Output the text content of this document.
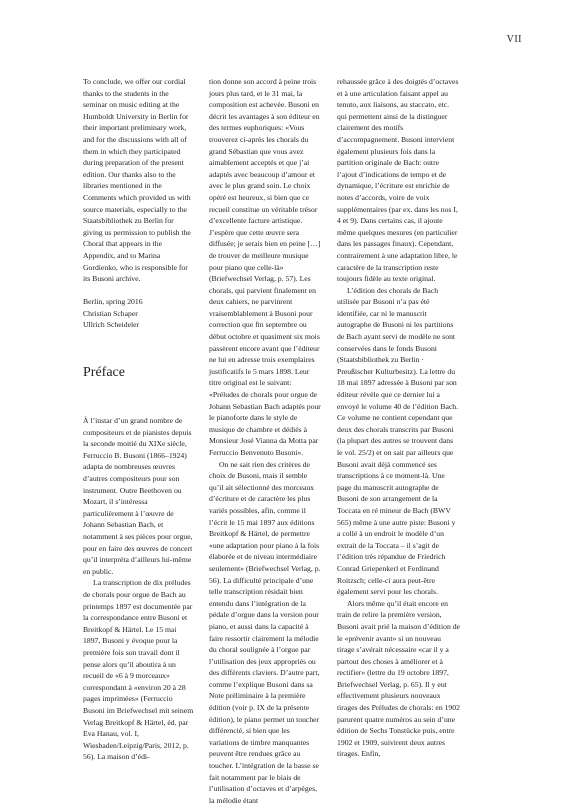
VII

To conclude, we offer our cordial thanks to the students in the seminar on music editing at the Humboldt University in Berlin for their important preliminary work, and for the discussions with all of them in which they participated during preparation of the present edition. Our thanks also to the libraries mentioned in the Comments which provided us with source materials, especially to the Staatsbibliothek zu Berlin for giving us permission to publish the Choral that appears in the Appendix, and to Marina Gordienko, who is responsible for its Busoni archive.

Berlin, spring 2016

Christian Schaper

Ullrich Scheideler

Préface

À l’instar d’un grand nombre de compositeurs et de pianistes depuis la seconde moitié du XIXe siècle, Ferruccio B. Busoni (1866–1924) adapta de nombreuses œuvres d’autres compositeurs pour son instrument. Outre Beethoven ou Mozart, il s’intéressa particulièrement à l’œuvre de Johann Sebastian Bach, et notamment à ses pièces pour orgue, pour en faire des œuvres de concert qu’il interpréta d’ailleurs lui-même en public.

La transcription de dix préludes de chorals pour orgue de Bach au printemps 1897 est documentée par la correspondance entre Busoni et Breitkopf & Härtel. Le 15 mai 1897, Busoni y évoque pour la première fois son travail dont il pense alors qu’il aboutira à un recueil de «6 à 9 morceaux» correspondant à «environ 20 à 28 pages imprimées» (Ferruccio Busoni im Briefwechsel mit seinem Verlag Breitkopf & Härtel, éd. par Eva Hanau, vol. I, Wiesbaden/Leipzig/Paris, 2012, p. 56). La maison d’édi-

tion donne son accord à peine trois jours plus tard, et le 31 mai, la composition est achevée. Busoni en décrit les avantages à son éditeur en des termes euphoriques: «Vous trouverez ci-après les chorals du grand Sébastian que vous avez aimablement acceptés et que j’ai adaptés avec beaucoup d’amour et avec le plus grand soin. Le choix opéré est heureux, si bien que ce recueil constitue un véritable trésor d’excellente facture artistique. J’espère que cette œuvre sera diffusée; je serais bien en peine […] de trouver de meilleure musique pour piano que celle-là» (Briefwechsel Verlag, p. 57). Les chorals, qui parvient finalement en deux cahiers, ne parvinrent vraisemblablement à Busoni pour correction que fin septembre ou début octobre et quasiment six mois passèrent encore avant que l’éditeur ne lui en adresse trois exemplaires justificatifs le 5 mars 1898. Leur titre original est le suivant: «Préludes de chorals pour orgue de Johann Sebastian Bach adaptés pour le pianoforte dans le style de musique de chambre et dédiés à Monsieur José Vianna da Motta par Ferruccio Benvenuto Busoni».

On ne sait rien des critères de choix de Busoni, mais il semble qu’il ait sélectionné des morceaux d’écriture et de caractère les plus variés possibles, afin, comme il l’écrit le 15 mai 1897 aux éditions Breitkopf & Härtel, de permettre «une adaptation pour piano à la fois élaborée et de niveau intermédiaire seulement» (Briefwechsel Verlag, p. 56). La difficulté principale d’une telle transcription résidait bien entendu dans l’intégration de la pédale d’orgue dans la version pour piano, et aussi dans la capacité à faire ressortir clairement la mélodie du choral soulignée à l’orgue par l’utilisation des jeux appropriés ou des différents claviers. D’autre part, comme l’explique Busoni dans sa Note préliminaire à la première édition (voir p. IX de la présente édition), le piano permet un toucher différencié, si bien que les variations de timbre manquantes peuvent être rendues grâce au toucher. L’intégration de la basse se fait notamment par le biais de l’utilisation d’octaves et d’arpèges, la mélodie étant

rehaussée grâce à des doigtés d’octaves et à une articulation faisant appel au tenuto, aux liaisons, au staccato, etc. qui permettent ainsi de la distinguer clairement des motifs d’accompagnement. Busoni intervient également plusieurs fois dans la partition originale de Bach: outre l’ajout d’indications de tempo et de dynamique, l’écriture est enrichie de notes d’accords, voire de voix supplémentaires (par ex. dans les nos I, 4 et 9). Dans certains cas, il ajoute même quelques mesures (en particulier dans les passages finaux). Cependant, contrairement à une adaptation libre, le caractère de la transcription reste toujours fidèle au texte original.

L’édition des chorals de Bach utilisée par Busoni n’a pas été identifiée, car ni le manuscrit autographe de Busoni ni les partitions de Bach ayant servi de modèle ne sont conservées dans le fonds Busoni (Staatsbibliothek zu Berlin · Preußischer Kulturbesitz). La lettre du 18 mai 1897 adressée à Busoni par son éditeur révèle que ce dernier lui a envoyé le volume 40 de l’édition Bach. Ce volume ne contient cependant que deux des chorals transcrits par Busoni (la plupart des autres se trouvent dans le vol. 25/2) et on sait par ailleurs que Busoni avait déjà commencé ses transcriptions à ce moment-là. Une page du manuscrit autographe de Busoni de son arrangement de la Toccata en ré mineur de Bach (BWV 565) même à une autre piste: Busoni y a collé à un endroit le modèle d’un extrait de la Toccata – il s’agit de l’édition très répandue de Friedrich Conrad Griepenkerl et Ferdinand Roitzsch; celle-ci aura peut-être également servi pour les chorals.

Alors même qu’il était encore en train de relire la première version, Busoni avait prié la maison d’édition de le «prévenir avant» si un nouveau tirage s’avérait nécessaire «car il y a partout des choses à améliorer et à rectifier» (lettre du 19 octobre 1897, Briefwechsel Verlag, p. 65). Il y eut effectivement plusieurs nouveaux tirages des Préludes de chorals: en 1902 parurent quatre numéros au sein d’une édition de Sechs Tonstücke puis, entre 1902 et 1909, suivirent deux autres tirages. Enfin,
